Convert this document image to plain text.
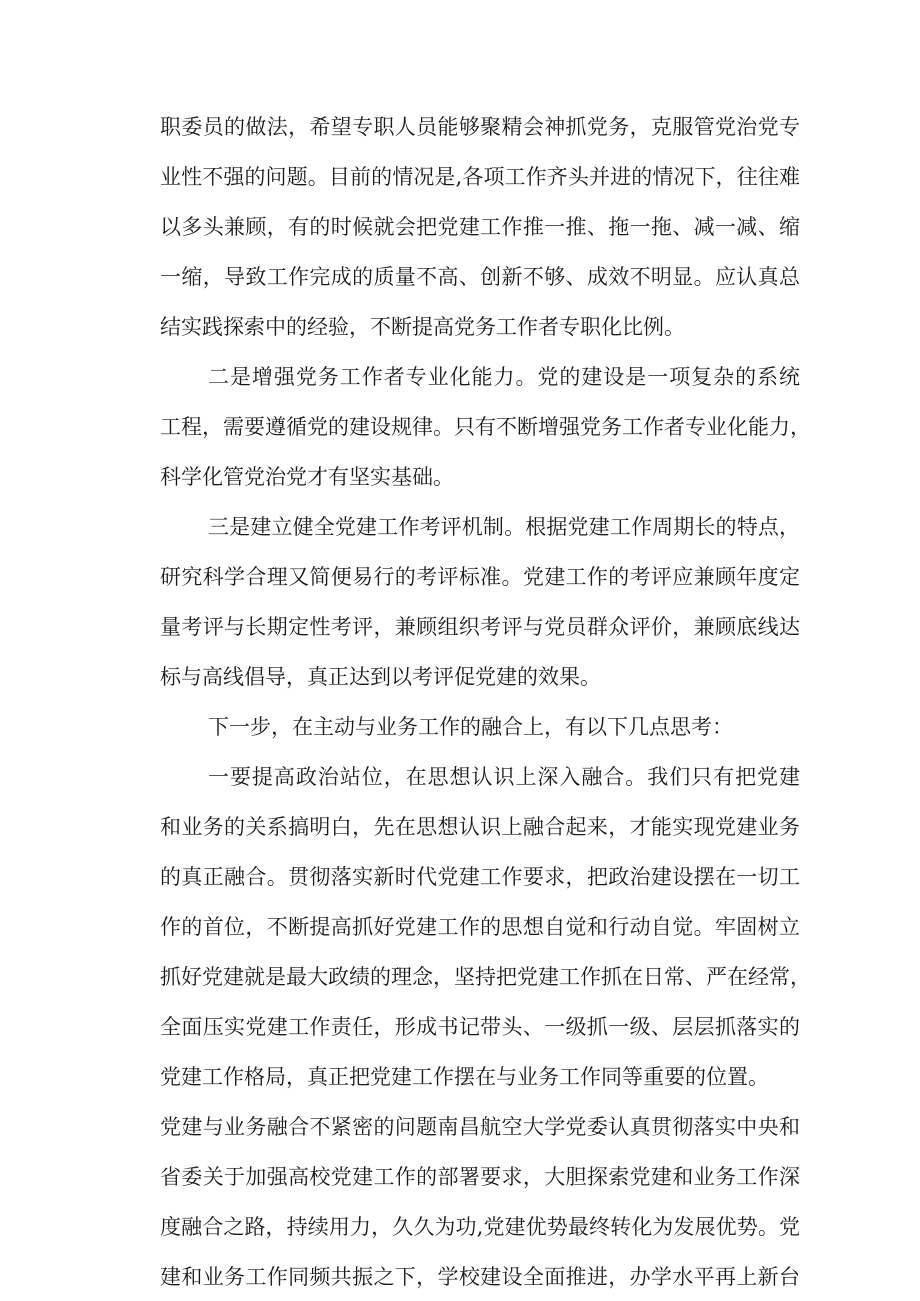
职委员的做法，希望专职人员能够聚精会神抓党务，克服管党治党专

业性不强的问题。目前的情况是,各项工作齐头并进的情况下，往往难

以多头兼顾，有的时候就会把党建工作推一推、拖一拖、减一减、缩

一缩，导致工作完成的质量不高、创新不够、成效不明显。应认真总

结实践探索中的经验，不断提高党务工作者专职化比例。

二是增强党务工作者专业化能力。党的建设是一项复杂的系统

工程，需要遵循党的建设规律。只有不断增强党务工作者专业化能力，

科学化管党治党才有坚实基础。

三是建立健全党建工作考评机制。根据党建工作周期长的特点，

研究科学合理又简便易行的考评标准。党建工作的考评应兼顾年度定

量考评与长期定性考评，兼顾组织考评与党员群众评价，兼顾底线达

标与高线倡导，真正达到以考评促党建的效果。

下一步，在主动与业务工作的融合上，有以下几点思考：

一要提高政治站位，在思想认识上深入融合。我们只有把党建

和业务的关系搞明白，先在思想认识上融合起来，才能实现党建业务

的真正融合。贯彻落实新时代党建工作要求，把政治建设摆在一切工

作的首位，不断提高抓好党建工作的思想自觉和行动自觉。牢固树立

抓好党建就是最大政绩的理念，坚持把党建工作抓在日常、严在经常，

全面压实党建工作责任，形成书记带头、一级抓一级、层层抓落实的

党建工作格局，真正把党建工作摆在与业务工作同等重要的位置。

党建与业务融合不紧密的问题南昌航空大学党委认真贯彻落实中央和

省委关于加强高校党建工作的部署要求，大胆探索党建和业务工作深

度融合之路，持续用力，久久为功,党建优势最终转化为发展优势。党

建和业务工作同频共振之下，学校建设全面推进，办学水平再上新台
